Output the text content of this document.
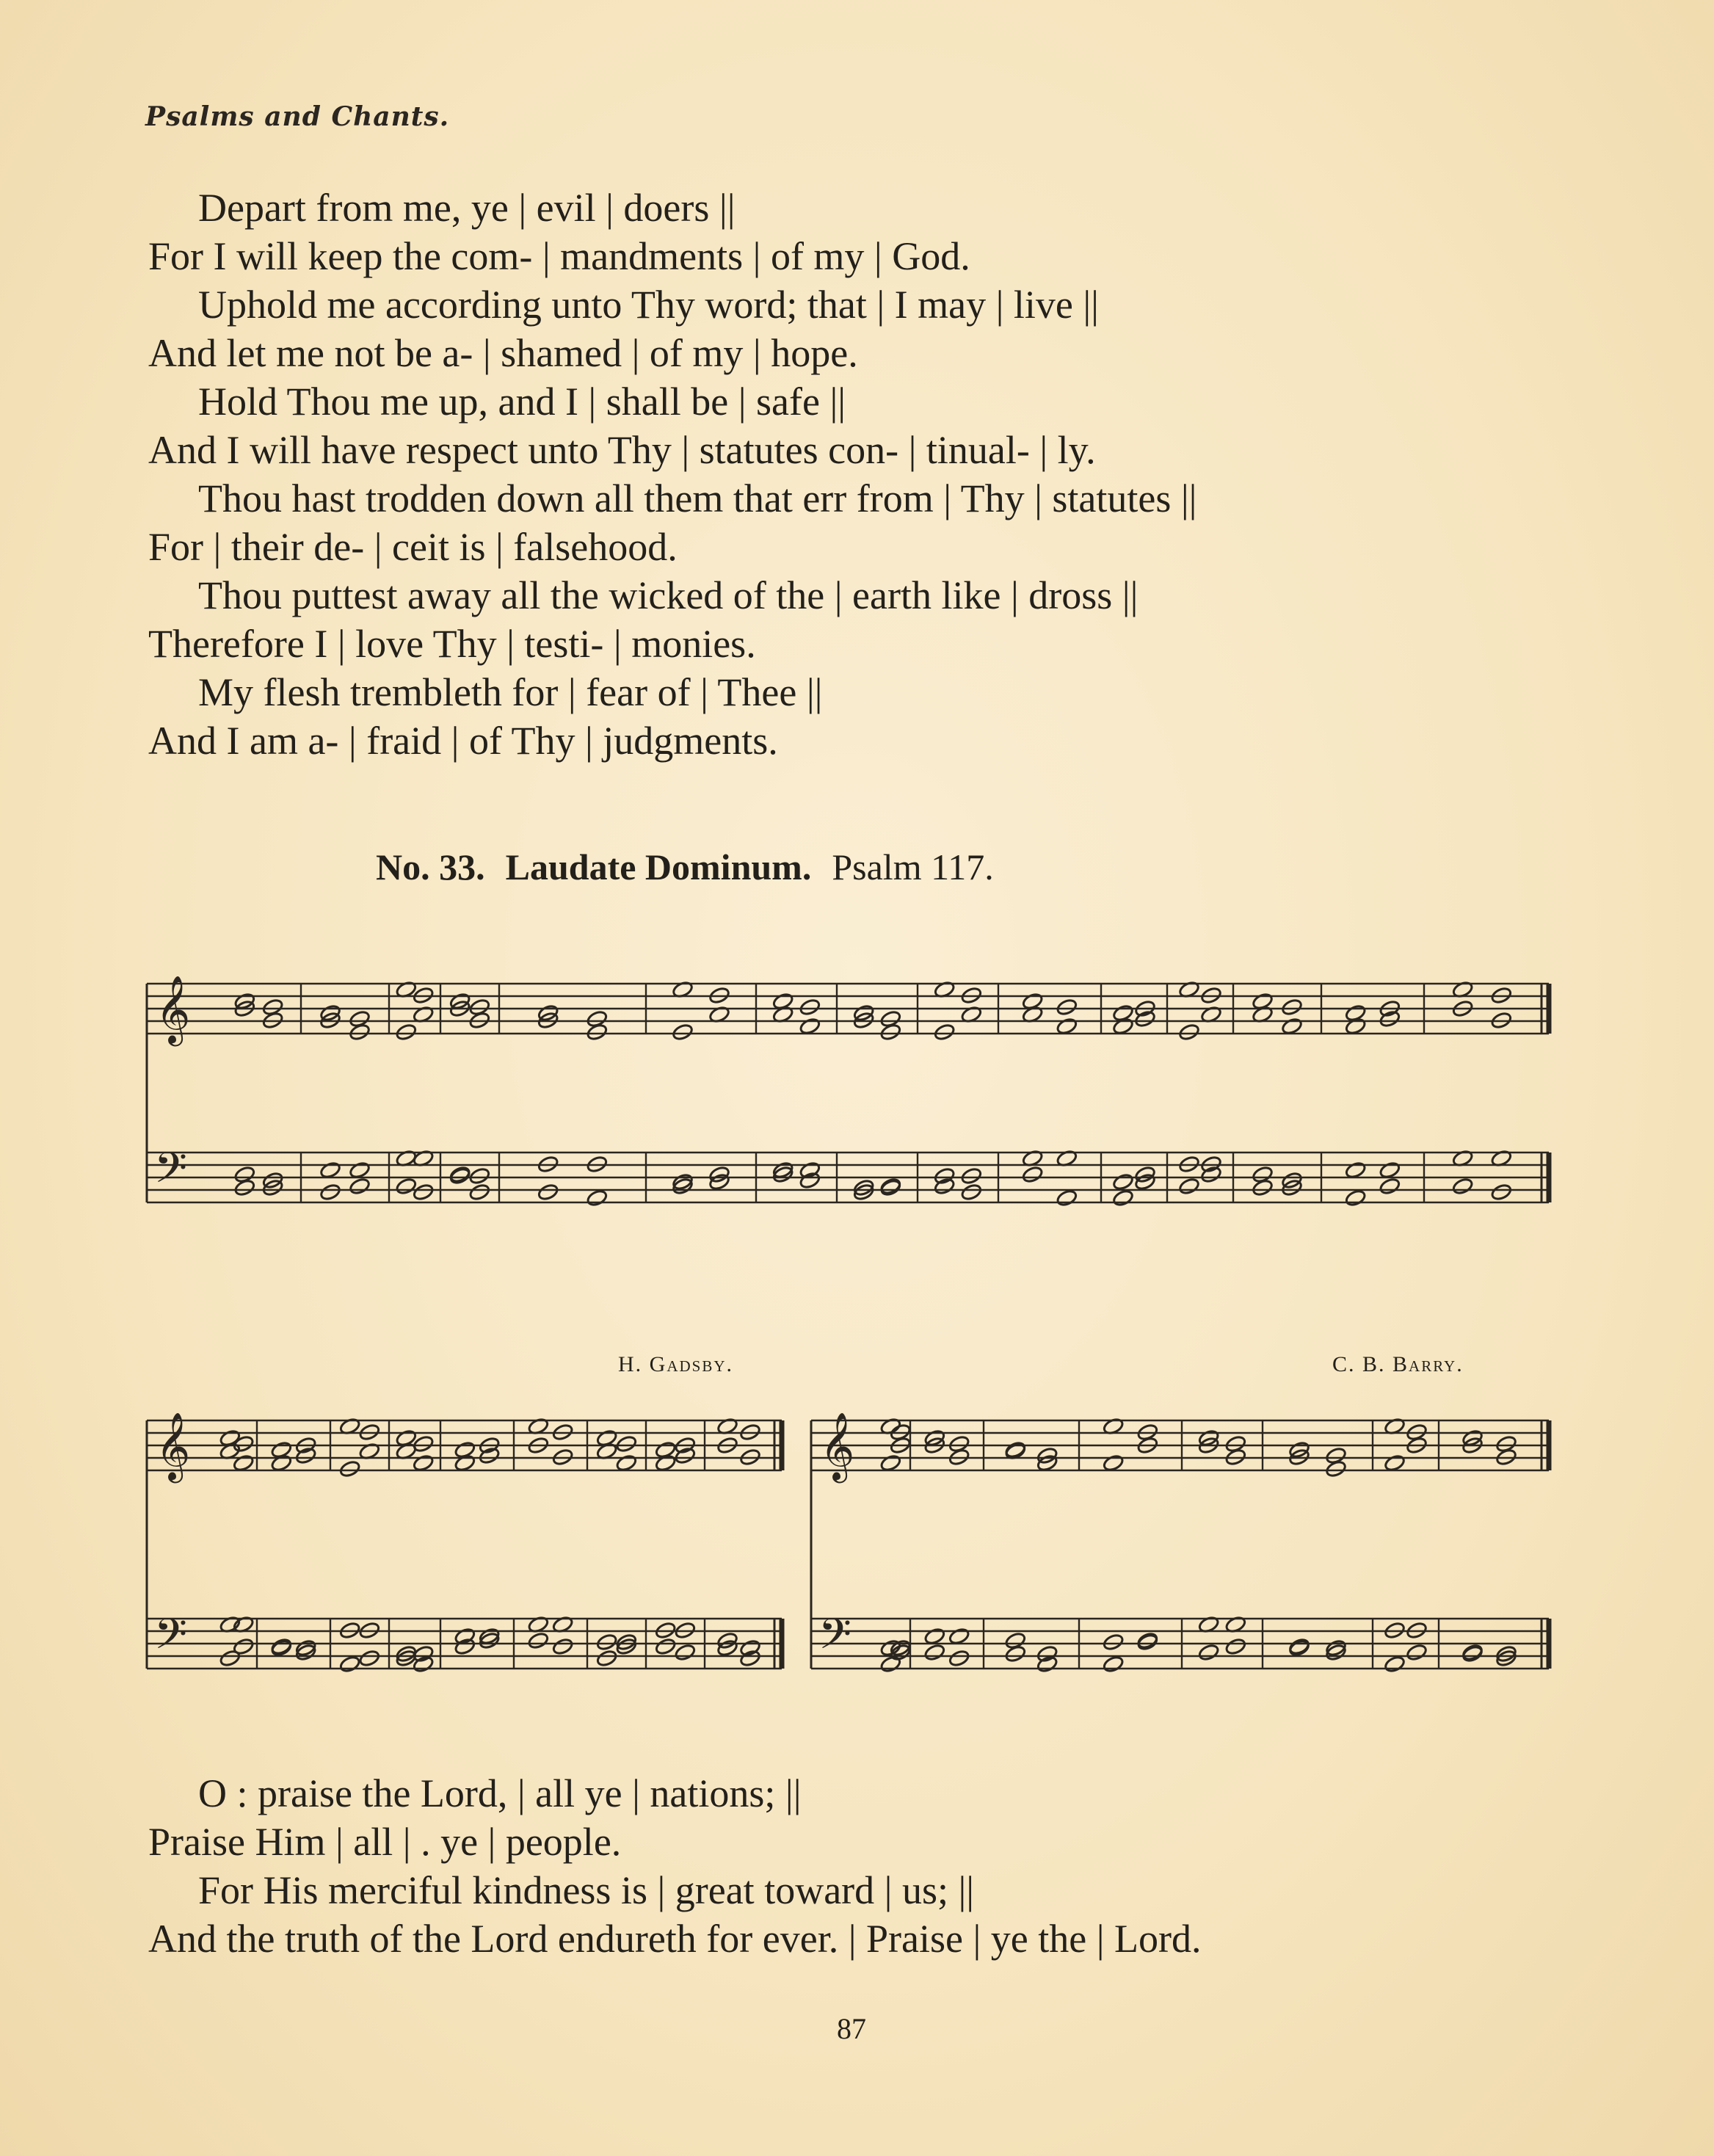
Psalms and Chants.
Depart from me, ye | evil | doers ||
For I will keep the com- | mandments | of my | God.
Uphold me according unto Thy word; that | I may | live ||
And let me not be a- | shamed | of my | hope.
Hold Thou me up, and I | shall be | safe ||
And I will have respect unto Thy | statutes con- | tinual- | ly.
Thou hast trodden down all them that err from | Thy | statutes ||
For | their de- | ceit is | falsehood.
Thou puttest away all the wicked of the | earth like | dross ||
Therefore I | love Thy | testi- | monies.
My flesh trembleth for | fear of | Thee ||
And I am a- | fraid | of Thy | judgments.
No. 33. Laudate Dominum. Psalm 117.
𝄞
𝄢
𝄞
𝄢
𝄞
𝄢
H. Gadsby.	C. B. Barry.
O : praise the Lord, | all ye | nations; ||
Praise Him | all | . ye | people.
For His merciful kindness is | great toward | us; ||
And the truth of the Lord endureth for ever. | Praise | ye the | Lord.
87
